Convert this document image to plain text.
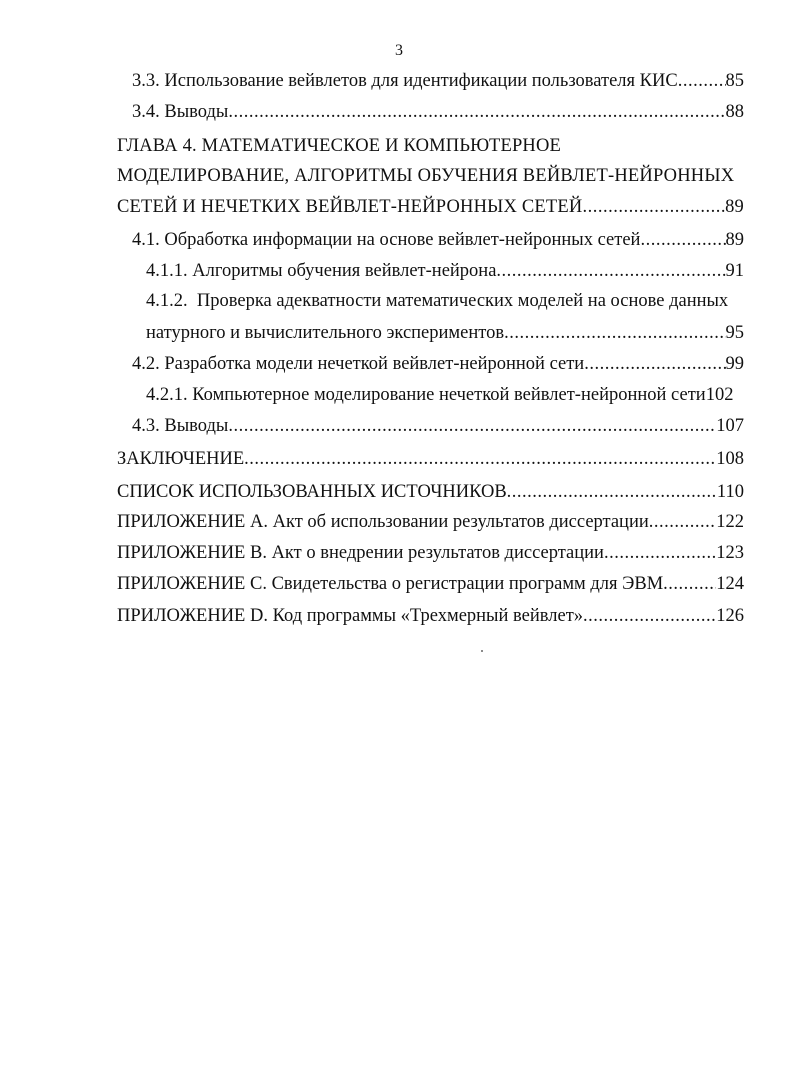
3
3.3. Использование вейвлетов для идентификации пользователя КИС .....	85
3.4. Выводы .....	88
ГЛАВА 4. МАТЕМАТИЧЕСКОЕ И КОМПЬЮТЕРНОЕ
МОДЕЛИРОВАНИЕ, АЛГОРИТМЫ ОБУЧЕНИЯ ВЕЙВЛЕТ-НЕЙРОННЫХ
СЕТЕЙ И НЕЧЕТКИХ ВЕЙВЛЕТ-НЕЙРОННЫХ СЕТЕЙ .....	89
4.1. Обработка информации на основе вейвлет-нейронных сетей .....	89
4.1.1. Алгоритмы обучения вейвлет-нейрона .....	91
4.1.2.  Проверка адекватности математических моделей на основе данных
натурного и вычислительного экспериментов .....	95
4.2. Разработка модели нечеткой вейвлет-нейронной сети .....	99
4.2.1. Компьютерное моделирование нечеткой вейвлет-нейронной сети 102
4.3. Выводы .....	107
ЗАКЛЮЧЕНИЕ .....	108
СПИСОК ИСПОЛЬЗОВАННЫХ ИСТОЧНИКОВ .....	110
ПРИЛОЖЕНИЕ А. Акт об использовании результатов диссертации .....	122
ПРИЛОЖЕНИЕ В. Акт о внедрении результатов диссертации .....	123
ПРИЛОЖЕНИЕ С. Свидетельства о регистрации программ для ЭВМ .....	124
ПРИЛОЖЕНИЕ D. Код программы «Трехмерный вейвлет» .....	126
